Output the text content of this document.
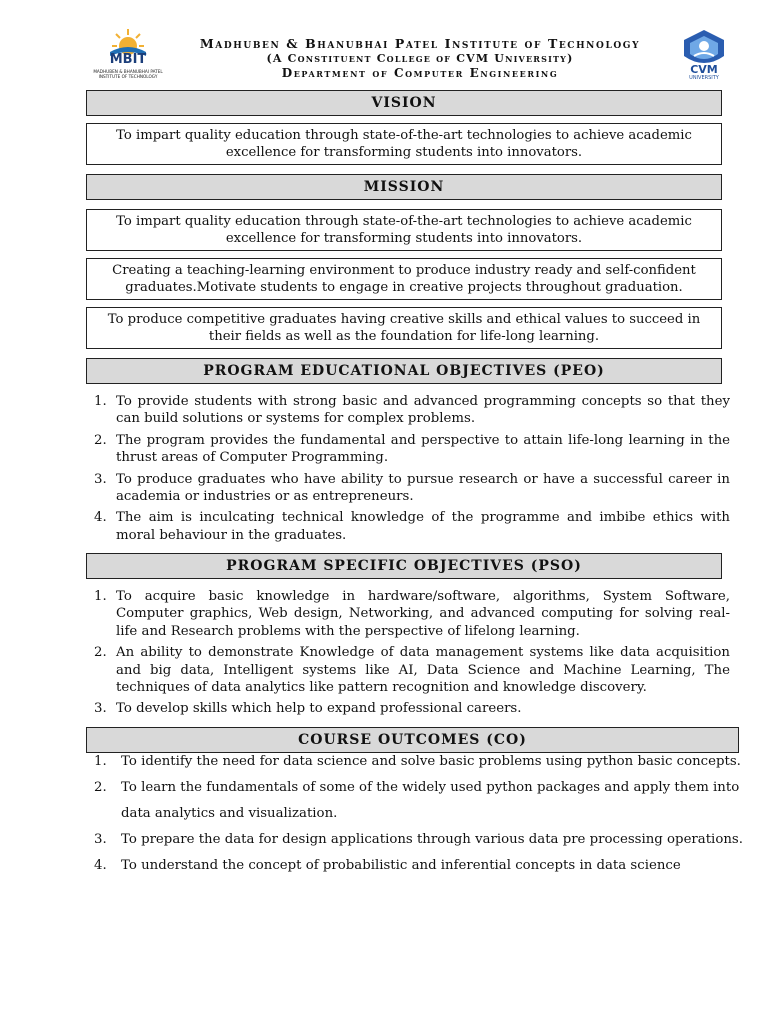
MBIT
MADHUBEN & BHANUBHAI PATEL INSTITUTE OF TECHNOLOGY
Madhuben & Bhanubhai Patel Institute of Technology
(A Constituent College of CVM University)
Department of Computer Engineering	CVM
UNIVERSITY
VISION
To impart quality education through state-of-the-art technologies to achieve academic excellence for transforming students into innovators.
MISSION
To impart quality education through state-of-the-art technologies to achieve academic excellence for transforming students into innovators.
Creating a teaching-learning environment to produce industry ready and self-confident graduates.Motivate students to engage in creative projects throughout graduation.
To produce competitive graduates having creative skills and ethical values to succeed in their fields as well as the foundation for life-long learning.
PROGRAM EDUCATIONAL OBJECTIVES (PEO)
1. To provide students with strong basic and advanced programming concepts so that they can build solutions or systems for complex problems.
2. The program provides the fundamental and perspective to attain life-long learning in the thrust areas of Computer Programming.
3. To produce graduates who have ability to pursue research or have a successful career in academia or industries or as entrepreneurs.
4. The aim is inculcating technical knowledge of the programme and imbibe ethics with moral behaviour in the graduates.
PROGRAM SPECIFIC OBJECTIVES (PSO)
1. To acquire basic knowledge in hardware/software, algorithms, System Software, Computer graphics, Web design, Networking, and advanced computing for solving real-life and Research problems with the perspective of lifelong learning.
2. An ability to demonstrate Knowledge of data management systems like data acquisition and big data, Intelligent systems like AI, Data Science and Machine Learning, The techniques of data analytics like pattern recognition and knowledge discovery.
3. To develop skills which help to expand professional careers.
COURSE OUTCOMES (CO)
1. To identify the need for data science and solve basic problems using python basic concepts.
2. To learn the fundamentals of some of the widely used python packages and apply them into data analytics and visualization.
3. To prepare the data for design applications through various data pre processing operations.
4. To understand the concept of probabilistic and inferential concepts in data science
